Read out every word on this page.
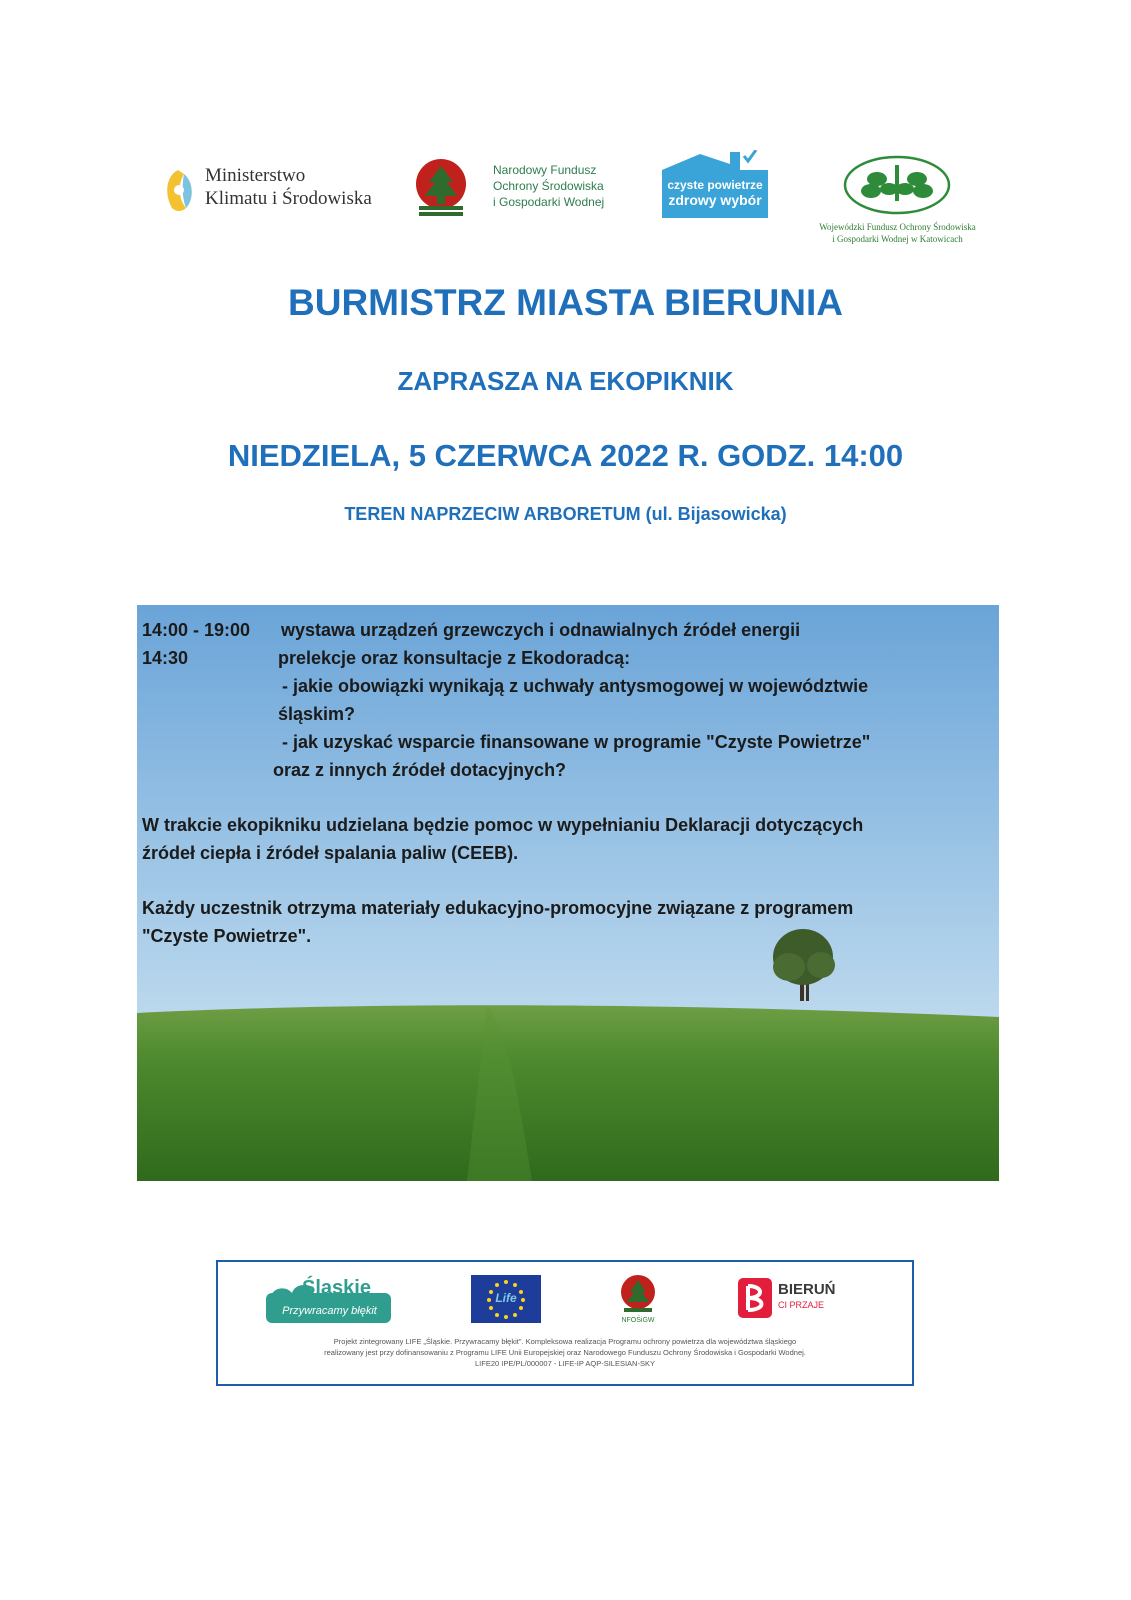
Ministerstwo
Klimatu i Środowiska
Narodowy Fundusz
Ochrony Środowiska
i Gospodarki Wodnej
czyste powietrze
zdrowy wybór
Wojewódzki Fundusz Ochrony Środowiska
i Gospodarki Wodnej w Katowicach
BURMISTRZ MIASTA BIERUNIA
ZAPRASZA NA EKOPIKNIK
NIEDZIELA, 5 CZERWCA 2022 R. GODZ. 14:00
TEREN NAPRZECIW ARBORETUM (ul. Bijasowicka)
14:00 - 19:00 wystawa urządzeń grzewczych i odnawialnych źródeł energii
14:30	prelekcje oraz konsultacje z Ekodoradcą:
- jakie obowiązki wynikają z uchwały antysmogowej w województwie
śląskim?
- jak uzyskać wsparcie finansowane w programie "Czyste Powietrze"
oraz z innych źródeł dotacyjnych?
W trakcie ekopikniku udzielana będzie pomoc w wypełnianiu Deklaracji dotyczących
źródeł ciepła i źródeł spalania paliw (CEEB).
Każdy uczestnik otrzyma materiały edukacyjno-promocyjne związane z programem
"Czyste Powietrze".
Śląskie
Przywracamy błękit
Life
NFOŚiGW
BIERUŃ
CI PRZAJE
Projekt zintegrowany LIFE „Śląskie. Przywracamy błękit". Kompleksowa realizacja Programu ochrony powietrza dla województwa śląskiego
realizowany jest przy dofinansowaniu z Programu LIFE Unii Europejskiej oraz Narodowego Funduszu Ochrony Środowiska i Gospodarki Wodnej.
LIFE20 IPE/PL/000007 - LIFE-IP AQP-SILESIAN-SKY
